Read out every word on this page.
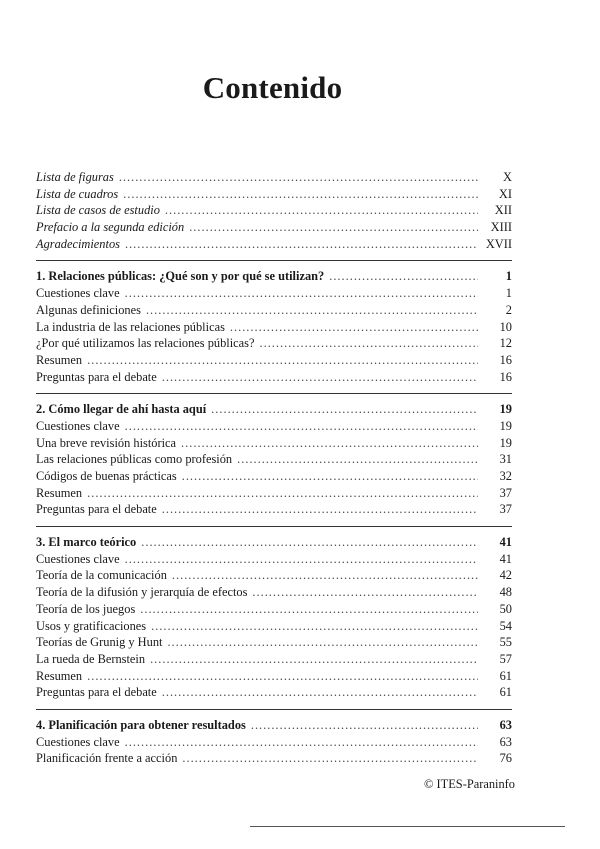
Contenido
Lista de figuras .....	X
Lista de cuadros .....	XI
Lista de casos de estudio .....	XII
Prefacio a la segunda edición .....	XIII
Agradecimientos .....	XVII
1. Relaciones públicas: ¿Qué son y por qué se utilizan? .....	1
Cuestiones clave .....	1
Algunas definiciones .....	2
La industria de las relaciones públicas .....	10
¿Por qué utilizamos las relaciones públicas? .....	12
Resumen .....	16
Preguntas para el debate .....	16
2. Cómo llegar de ahí hasta aquí .....	19
Cuestiones clave .....	19
Una breve revisión histórica .....	19
Las relaciones públicas como profesión .....	31
Códigos de buenas prácticas .....	32
Resumen .....	37
Preguntas para el debate .....	37
3. El marco teórico .....	41
Cuestiones clave .....	41
Teoría de la comunicación .....	42
Teoría de la difusión y jerarquía de efectos .....	48
Teoría de los juegos .....	50
Usos y gratificaciones .....	54
Teorías de Grunig y Hunt .....	55
La rueda de Bernstein .....	57
Resumen .....	61
Preguntas para el debate .....	61
4. Planificación para obtener resultados .....	63
Cuestiones clave .....	63
Planificación frente a acción .....	76
© ITES-Paraninfo
